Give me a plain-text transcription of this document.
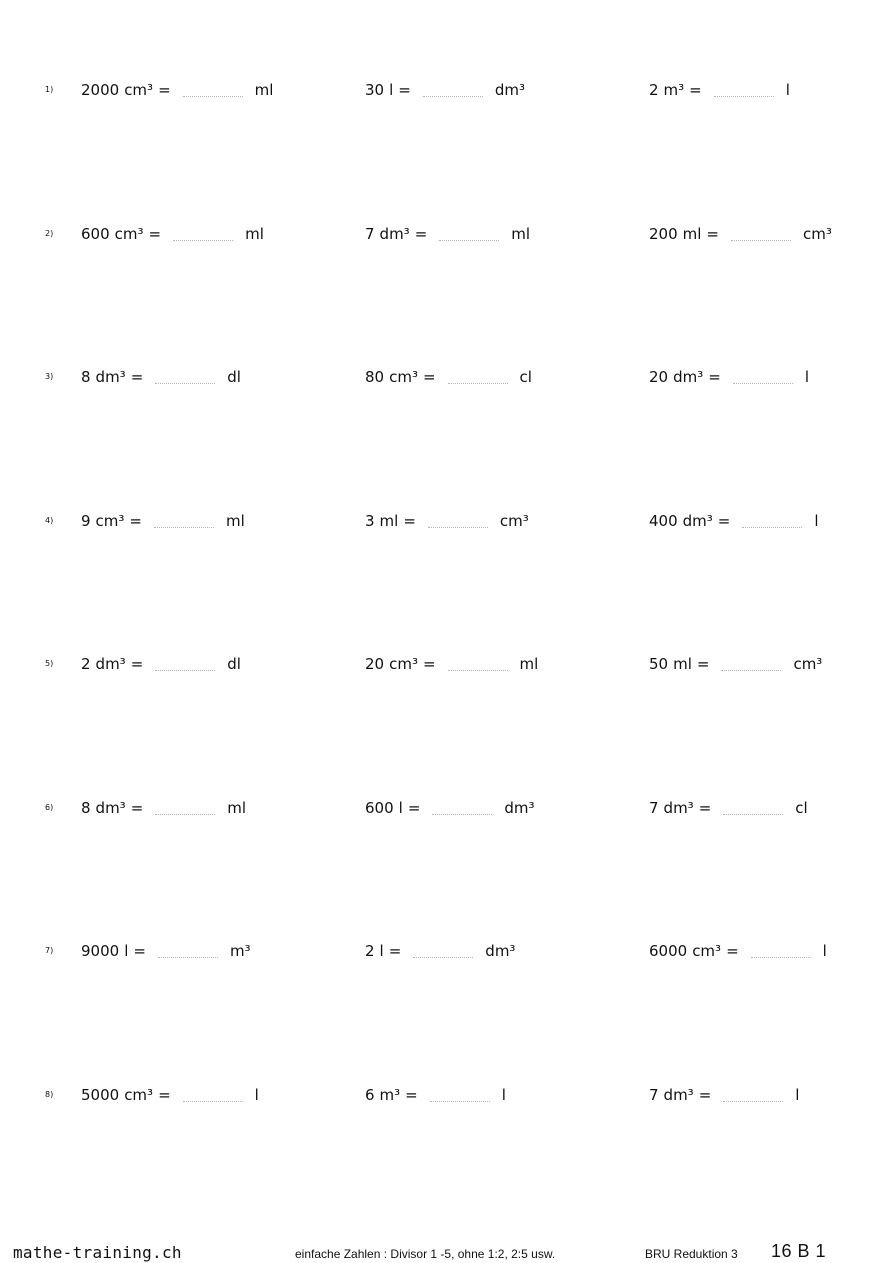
1) 2000 cm³ =	ml	30 l =	dm³	2 m³ =	l
2) 600 cm³ =	ml	7 dm³ =	ml	200 ml =	cm³
3) 8 dm³ =	dl	80 cm³ =	cl	20 dm³ =	l
4) 9 cm³ =	ml	3 ml =	cm³	400 dm³ =	l
5) 2 dm³ =	dl	20 cm³ =	ml	50 ml =	cm³
6) 8 dm³ =	ml	600 l =	dm³	7 dm³ =	cl
7) 9000 l =	m³	2 l =	dm³	6000 cm³ =	l
8) 5000 cm³ =	l	6 m³ =	l	7 dm³ =	l
mathe-training.ch	einfache Zahlen : Divisor 1 -5, ohne 1:2, 2:5 usw.	BRU Reduktion 3 16 B 1
